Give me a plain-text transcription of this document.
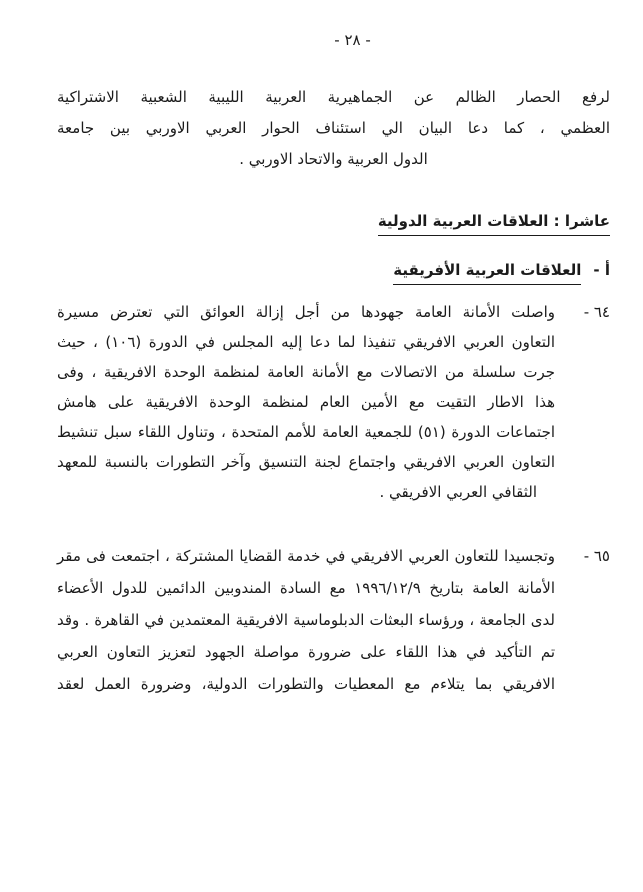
- ٢٨ -
لرفع الحصار الظالم عن الجماهيرية العربية الليبية الشعبية الاشتراكية
العظمي ، كما دعا البيان الي استئناف الحوار العربي الاوربي بين جامعة
الدول العربية والاتحاد الاوربي .
عاشرا : العلاقات العربية الدولية
أ -
العلاقات العربية الأفريقية
٦٤ -
واصلت الأمانة العامة جهودها من أجل إزالة العوائق التي تعترض مسيرة
التعاون العربي الافريقي تنفيذا لما دعا إليه المجلس في الدورة (١٠٦) ، حيث
جرت سلسلة من الاتصالات مع الأمانة العامة لمنظمة الوحدة الافريقية ، وفى
هذا الاطار التقيت مع الأمين العام لمنظمة الوحدة الافريقية على هامش
اجتماعات الدورة (٥١) للجمعية العامة للأمم المتحدة ، وتناول اللقاء سبل تنشيط
التعاون العربي الافريقي واجتماع لجنة التنسيق وآخر التطورات بالنسبة للمعهد
الثقافي العربي الافريقي .
٦٥ -
وتجسيدا للتعاون العربي الافريقي في خدمة القضايا المشتركة ، اجتمعت فى مقر
الأمانة العامة بتاريخ ١٩٩٦/١٢/٩ مع السادة المندوبين الدائمين للدول الأعضاء
لدى الجامعة ، ورؤساء البعثات الدبلوماسية الافريقية المعتمدين في القاهرة . وقد
تم التأكيد في هذا اللقاء على ضرورة مواصلة الجهود لتعزيز التعاون العربي
الافريقي بما يتلاءم مع المعطيات والتطورات الدولية، وضرورة العمل لعقد
